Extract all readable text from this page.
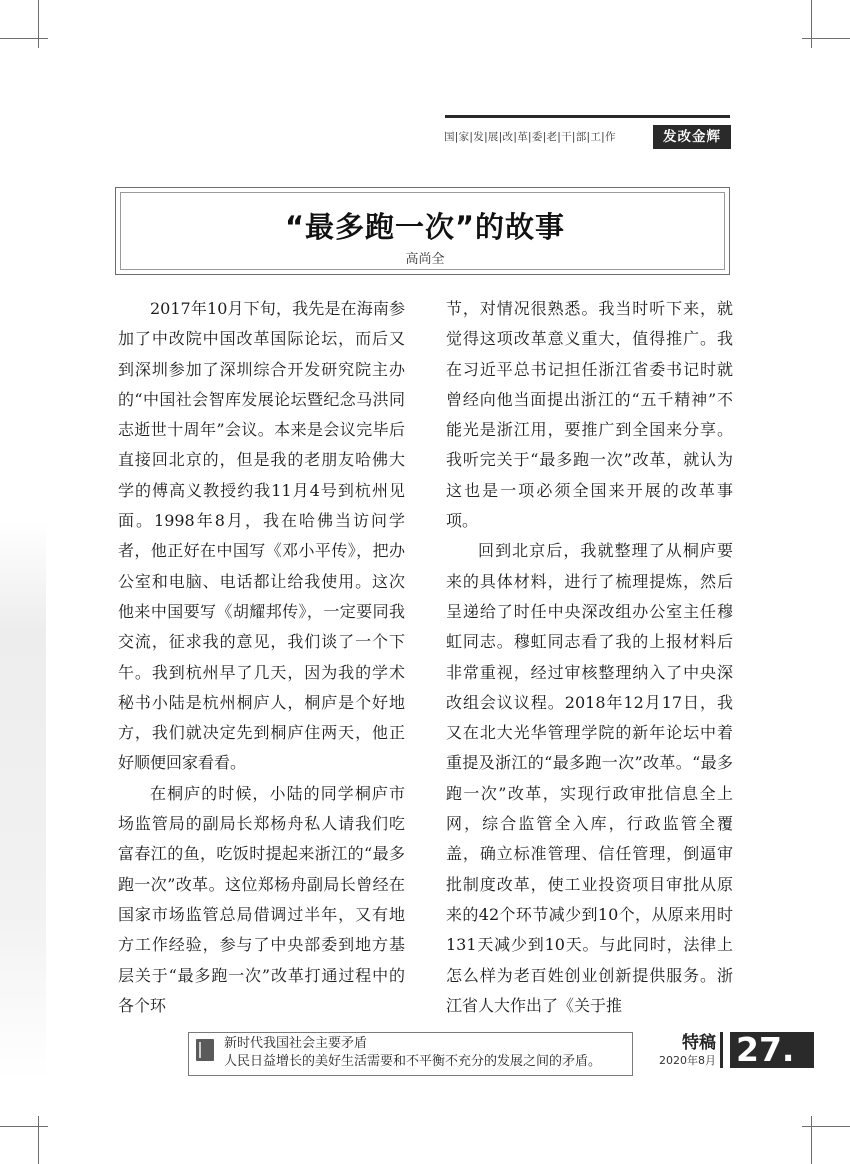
国|家|发|展|改|革|委|老|干|部|工|作	发改金辉
“最多跑一次”的故事
高尚全

2017年10月下旬，我先是在海南参加了中改院中国改革国际论坛，而后又到深圳参加了深圳综合开发研究院主办的“中国社会智库发展论坛暨纪念马洪同志逝世十周年”会议。本来是会议完毕后直接回北京的，但是我的老朋友哈佛大学的傅高义教授约我11月4号到杭州见面。1998年8月，我在哈佛当访问学者，他正好在中国写《邓小平传》，把办公室和电脑、电话都让给我使用。这次他来中国要写《胡耀邦传》，一定要同我交流，征求我的意见，我们谈了一个下午。我到杭州早了几天，因为我的学术秘书小陆是杭州桐庐人，桐庐是个好地方，我们就决定先到桐庐住两天，他正好顺便回家看看。

在桐庐的时候，小陆的同学桐庐市场监管局的副局长郑杨舟私人请我们吃富春江的鱼，吃饭时提起来浙江的“最多跑一次”改革。这位郑杨舟副局长曾经在国家市场监管总局借调过半年，又有地方工作经验，参与了中央部委到地方基层关于“最多跑一次”改革打通过程中的各个环

节，对情况很熟悉。我当时听下来，就觉得这项改革意义重大，值得推广。我在习近平总书记担任浙江省委书记时就曾经向他当面提出浙江的“五千精神”不能光是浙江用，要推广到全国来分享。我听完关于“最多跑一次”改革，就认为这也是一项必须全国来开展的改革事项。

回到北京后，我就整理了从桐庐要来的具体材料，进行了梳理提炼，然后呈递给了时任中央深改组办公室主任穆虹同志。穆虹同志看了我的上报材料后非常重视，经过审核整理纳入了中央深改组会议议程。2018年12月17日，我又在北大光华管理学院的新年论坛中着重提及浙江的“最多跑一次”改革。“最多跑一次”改革，实现行政审批信息全上网，综合监管全入库，行政监管全覆盖，确立标准管理、信任管理，倒逼审批制度改革，使工业投资项目审批从原来的42个环节减少到10个，从原来用时131天减少到10天。与此同时，法律上怎么样为老百姓创业创新提供服务。浙江省人大作出了《关于推

新时代我国社会主要矛盾
人民日益增长的美好生活需要和不平衡不充分的发展之间的矛盾。
特稿
2020年8月 27.
